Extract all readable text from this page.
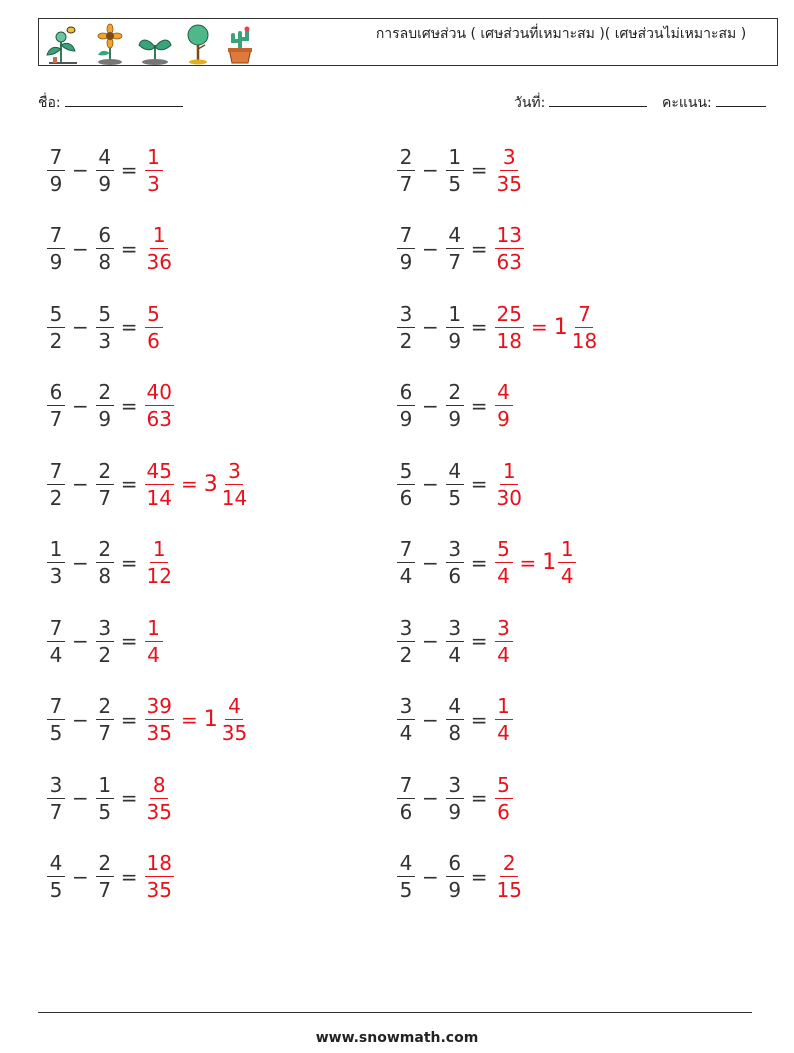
การลบเศษส่วน ( เศษส่วนที่เหมาะสม )( เศษส่วนไม่เหมาะสม )
ชื่อ:	วันที่:	คะแนน:
$\frac{7}{9} - \frac{4}{9} = \frac{1}{3}$
$\frac{7}{9} - \frac{6}{8} = \frac{1}{36}$
$\frac{5}{2} - \frac{5}{3} = \frac{5}{6}$
$\frac{6}{7} - \frac{2}{9} = \frac{40}{63}$
$\frac{7}{2} - \frac{2}{7} = \frac{45}{14} = 3 \frac{3}{14}$
$\frac{1}{3} - \frac{2}{8} = \frac{1}{12}$
$\frac{7}{4} - \frac{3}{2} = \frac{1}{4}$
$\frac{7}{5} - \frac{2}{7} = \frac{39}{35} = 1 \frac{4}{35}$
$\frac{3}{7} - \frac{1}{5} = \frac{8}{35}$
$\frac{4}{5} - \frac{2}{7} = \frac{18}{35}$
$\frac{2}{7} - \frac{1}{5} = \frac{3}{35}$
$\frac{7}{9} - \frac{4}{7} = \frac{13}{63}$
$\frac{3}{2} - \frac{1}{9} = \frac{25}{18} = 1 \frac{7}{18}$
$\frac{6}{9} - \frac{2}{9} = \frac{4}{9}$
$\frac{5}{6} - \frac{4}{5} = \frac{1}{30}$
$\frac{7}{4} - \frac{3}{6} = \frac{5}{4} = 1 \frac{1}{4}$
$\frac{3}{2} - \frac{3}{4} = \frac{3}{4}$
$\frac{3}{4} - \frac{4}{8} = \frac{1}{4}$
$\frac{7}{6} - \frac{3}{9} = \frac{5}{6}$
$\frac{4}{5} - \frac{6}{9} = \frac{2}{15}$
www.snowmath.com
